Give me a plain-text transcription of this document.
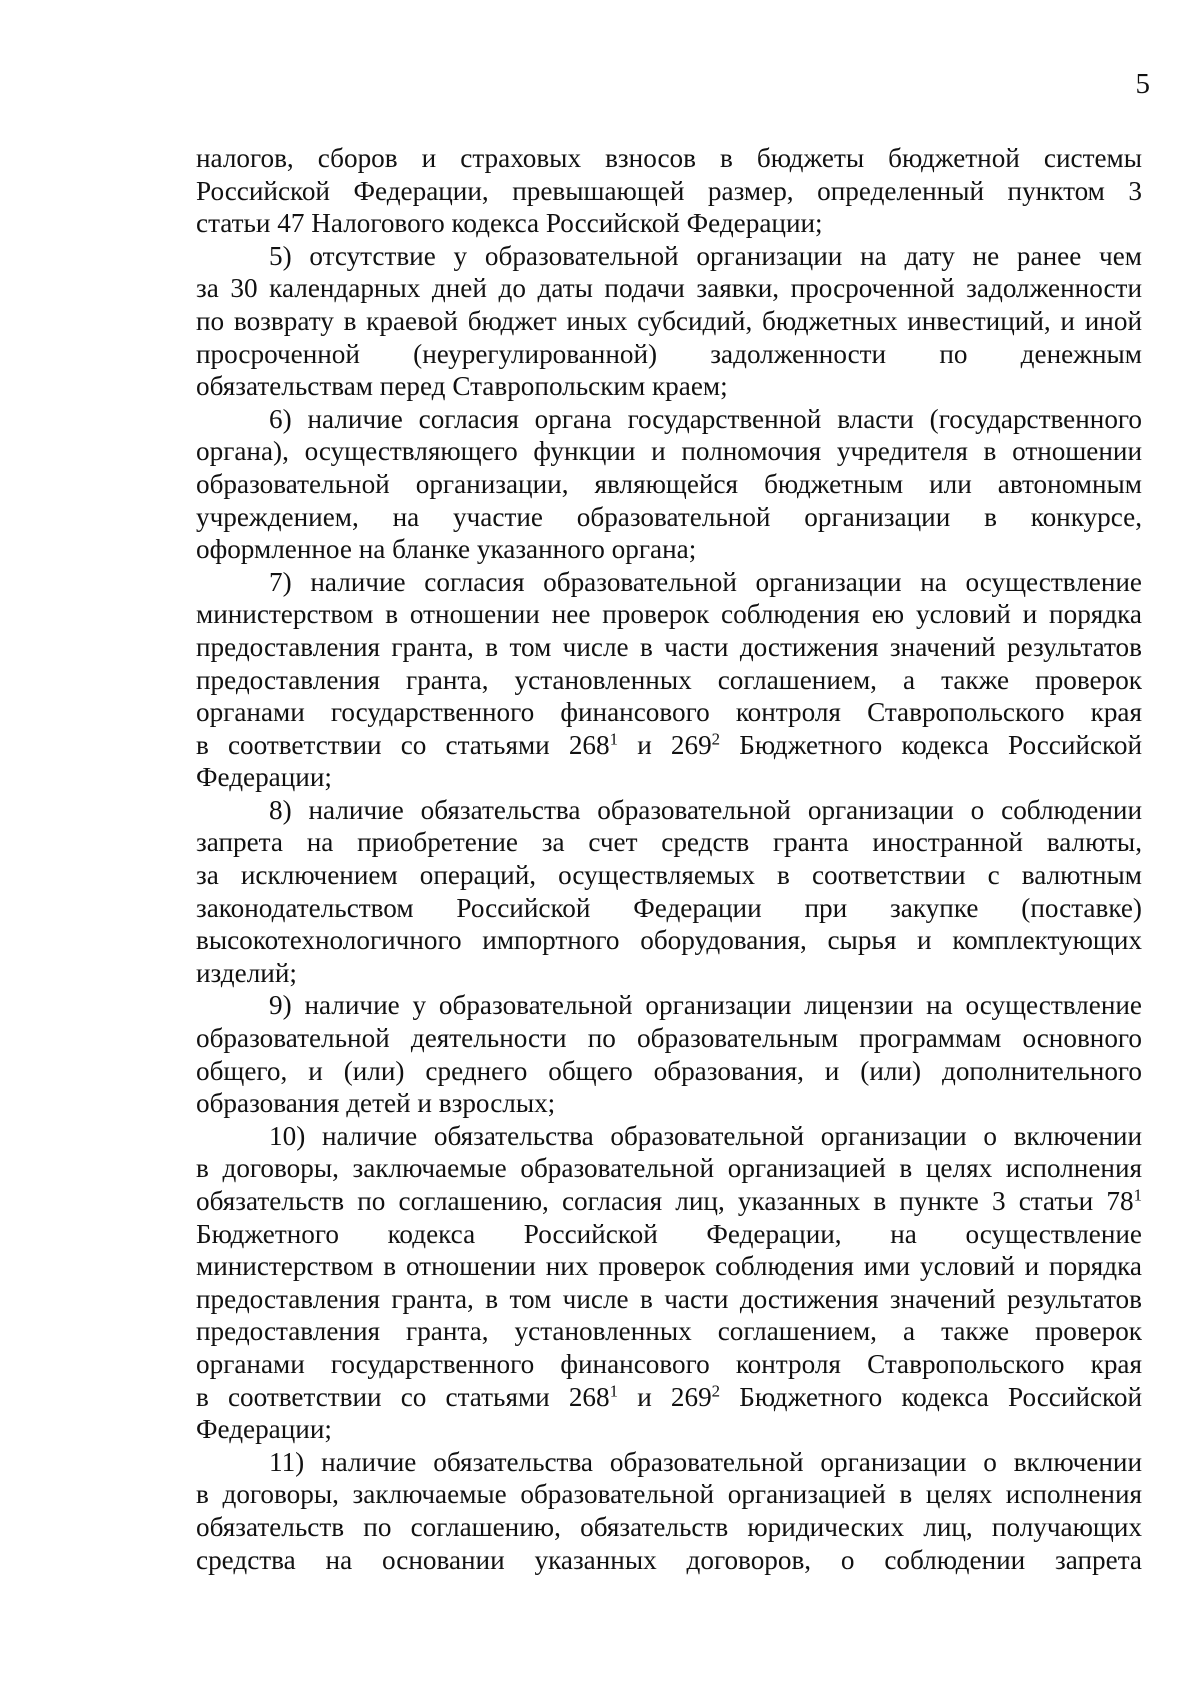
5
налогов, сборов и страховых взносов в бюджеты бюджетной системы
Российской Федерации, превышающей размер, определенный пунктом 3
статьи 47 Налогового кодекса Российской Федерации;
5) отсутствие у образовательной организации на дату не ранее чем
за 30 календарных дней до даты подачи заявки, просроченной задолженности
по возврату в краевой бюджет иных субсидий, бюджетных инвестиций, и иной
просроченной (неурегулированной) задолженности по денежным
обязательствам перед Ставропольским краем;
6) наличие согласия органа государственной власти (государственного
органа), осуществляющего функции и полномочия учредителя в отношении
образовательной организации, являющейся бюджетным или автономным
учреждением, на участие образовательной организации в конкурсе,
оформленное на бланке указанного органа;
7) наличие согласия образовательной организации на осуществление
министерством в отношении нее проверок соблюдения ею условий и порядка
предоставления гранта, в том числе в части достижения значений результатов
предоставления гранта, установленных соглашением, а также проверок
органами государственного финансового контроля Ставропольского края
в соответствии со статьями $268^1$ и $269^2$ Бюджетного кодекса Российской
Федерации;
8) наличие обязательства образовательной организации о соблюдении
запрета на приобретение за счет средств гранта иностранной валюты,
за исключением операций, осуществляемых в соответствии с валютным
законодательством Российской Федерации при закупке (поставке)
высокотехнологичного импортного оборудования, сырья и комплектующих
изделий;
9) наличие у образовательной организации лицензии на осуществление
образовательной деятельности по образовательным программам основного
общего, и (или) среднего общего образования, и (или) дополнительного
образования детей и взрослых;
10) наличие обязательства образовательной организации о включении
в договоры, заключаемые образовательной организацией в целях исполнения
обязательств по соглашению, согласия лиц, указанных в пункте 3 статьи $78^1$
Бюджетного кодекса Российской Федерации, на осуществление
министерством в отношении них проверок соблюдения ими условий и порядка
предоставления гранта, в том числе в части достижения значений результатов
предоставления гранта, установленных соглашением, а также проверок
органами государственного финансового контроля Ставропольского края
в соответствии со статьями $268^1$ и $269^2$ Бюджетного кодекса Российской
Федерации;
11) наличие обязательства образовательной организации о включении
в договоры, заключаемые образовательной организацией в целях исполнения
обязательств по соглашению, обязательств юридических лиц, получающих
средства на основании указанных договоров, о соблюдении запрета
